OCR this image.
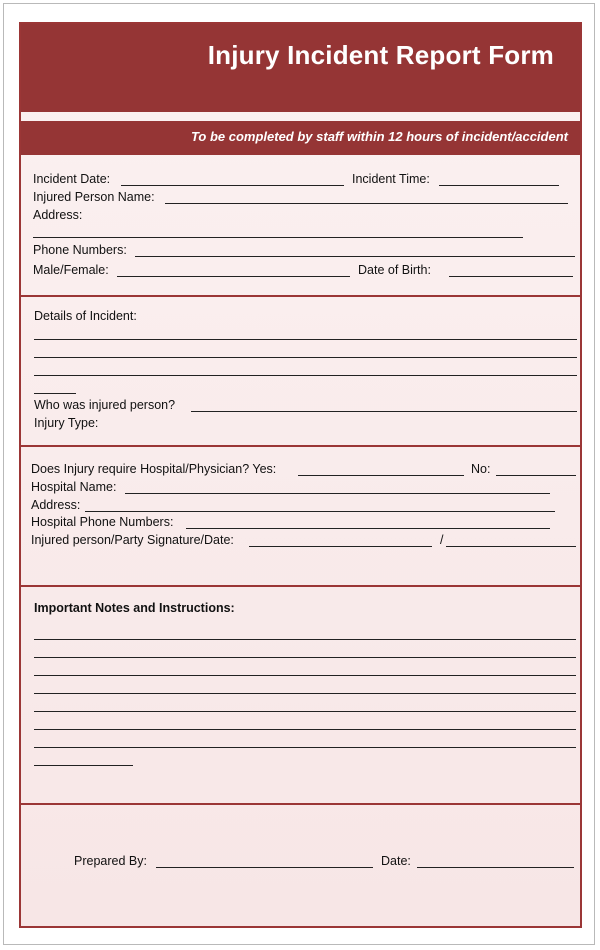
Injury Incident Report Form
To be completed by staff within 12 hours of incident/accident
Incident Date:	Incident Time:
Injured Person Name:
Address:
Phone Numbers:
Male/Female:	Date of Birth:
Details of Incident:
Who was injured person?
Injury Type:
Does Injury require Hospital/Physician? Yes:	No:
Hospital Name:
Address:
Hospital Phone Numbers:
Injured person/Party Signature/Date:	/
Important Notes and Instructions:
Prepared By:	Date:
